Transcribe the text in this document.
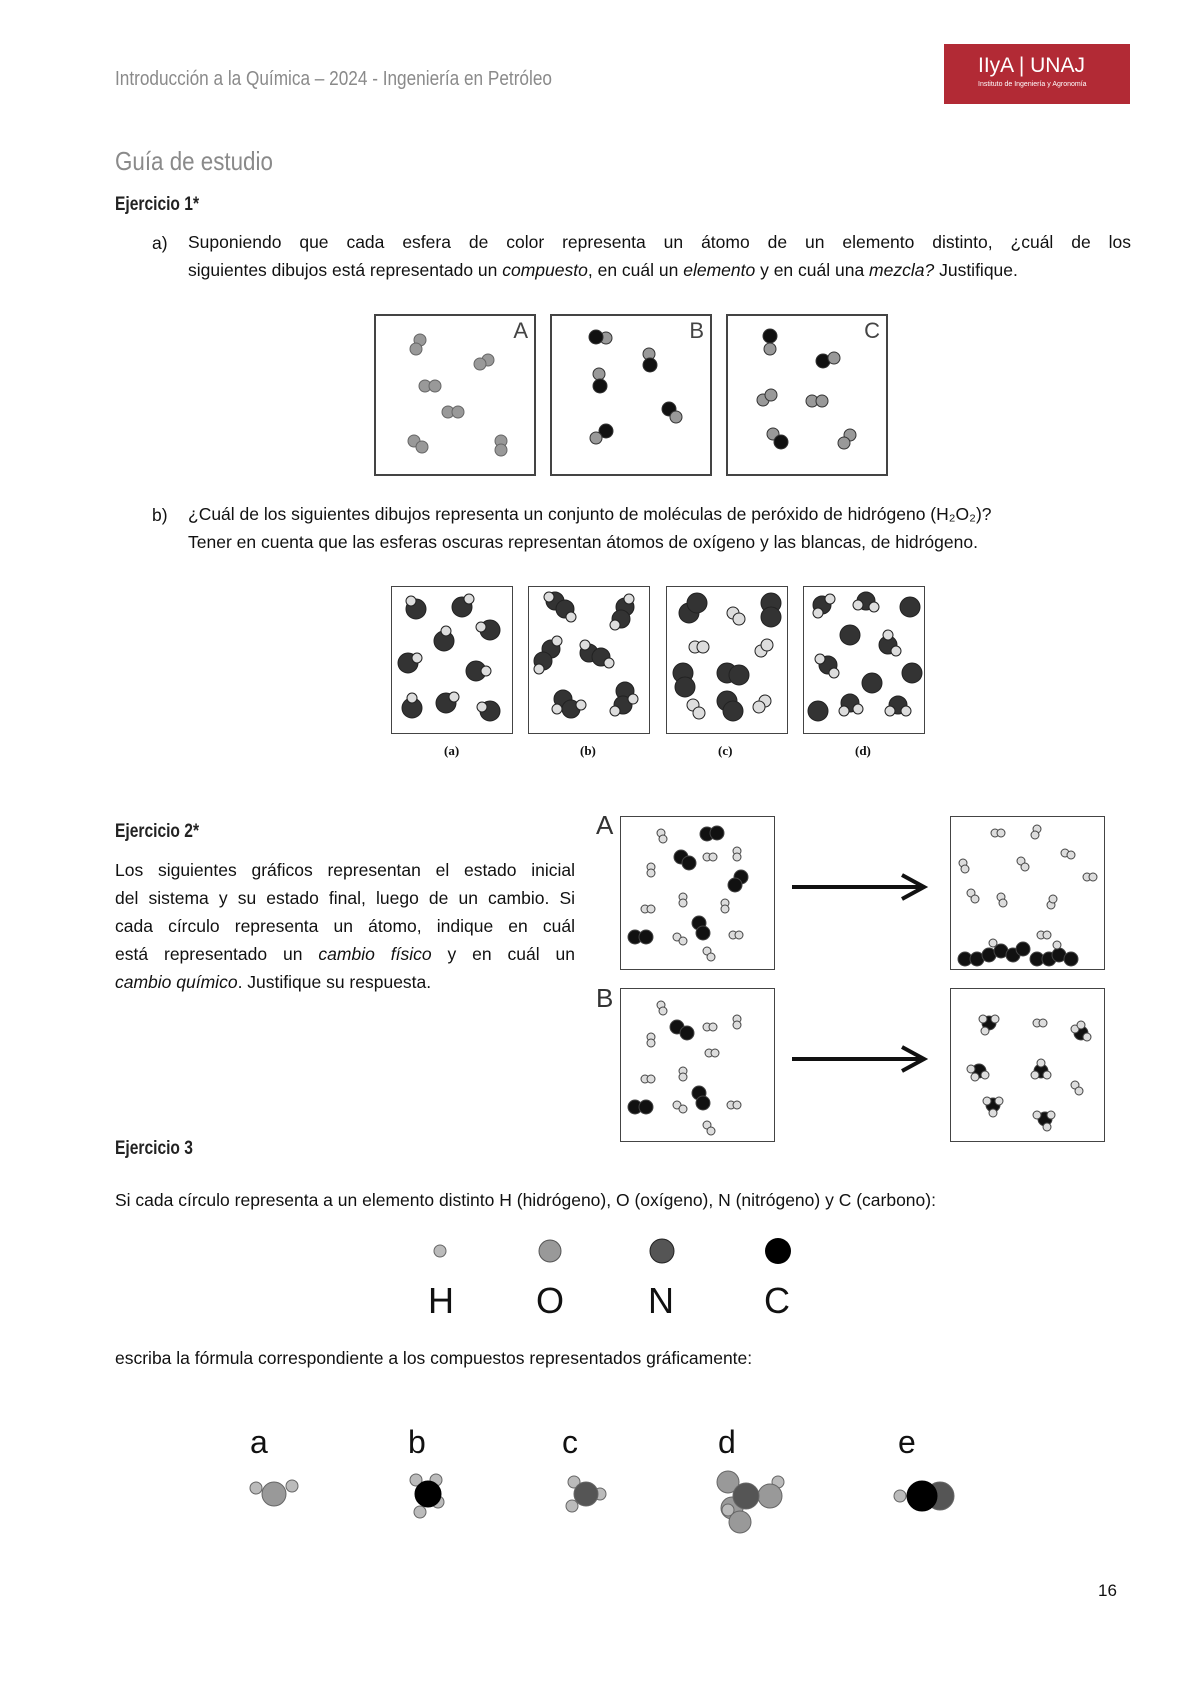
Introducción a la Química – 2024 - Ingeniería en Petróleo
IIyA | UNAJ
Instituto de Ingeniería y Agronomía
Guía de estudio
Ejercicio 1*
a) Suponiendo que cada esfera de color representa un átomo de un elemento distinto, ¿cuál de los
siguientes dibujos está representado un compuesto, en cuál un elemento y en cuál una mezcla? Justifique.
A	B	C
b) ¿Cuál de los siguientes dibujos representa un conjunto de moléculas de peróxido de hidrógeno (H₂O₂)?
Tener en cuenta que las esferas oscuras representan átomos de oxígeno y las blancas, de hidrógeno.
(a)	(b)	(c)	(d)
Ejercicio 2*
Los siguientes gráficos representan el estado inicial
del sistema y su estado final, luego de un cambio. Si
cada círculo representa un átomo, indique en cuál
está representado un cambio físico y en cuál un
cambio químico. Justifique su respuesta.
A
B
Ejercicio 3
Si cada círculo representa a un elemento distinto H (hidrógeno), O (oxígeno), N (nitrógeno) y C (carbono):
H O N	C
escriba la fórmula correspondiente a los compuestos representados gráficamente:
a	b	c	d	e
16
